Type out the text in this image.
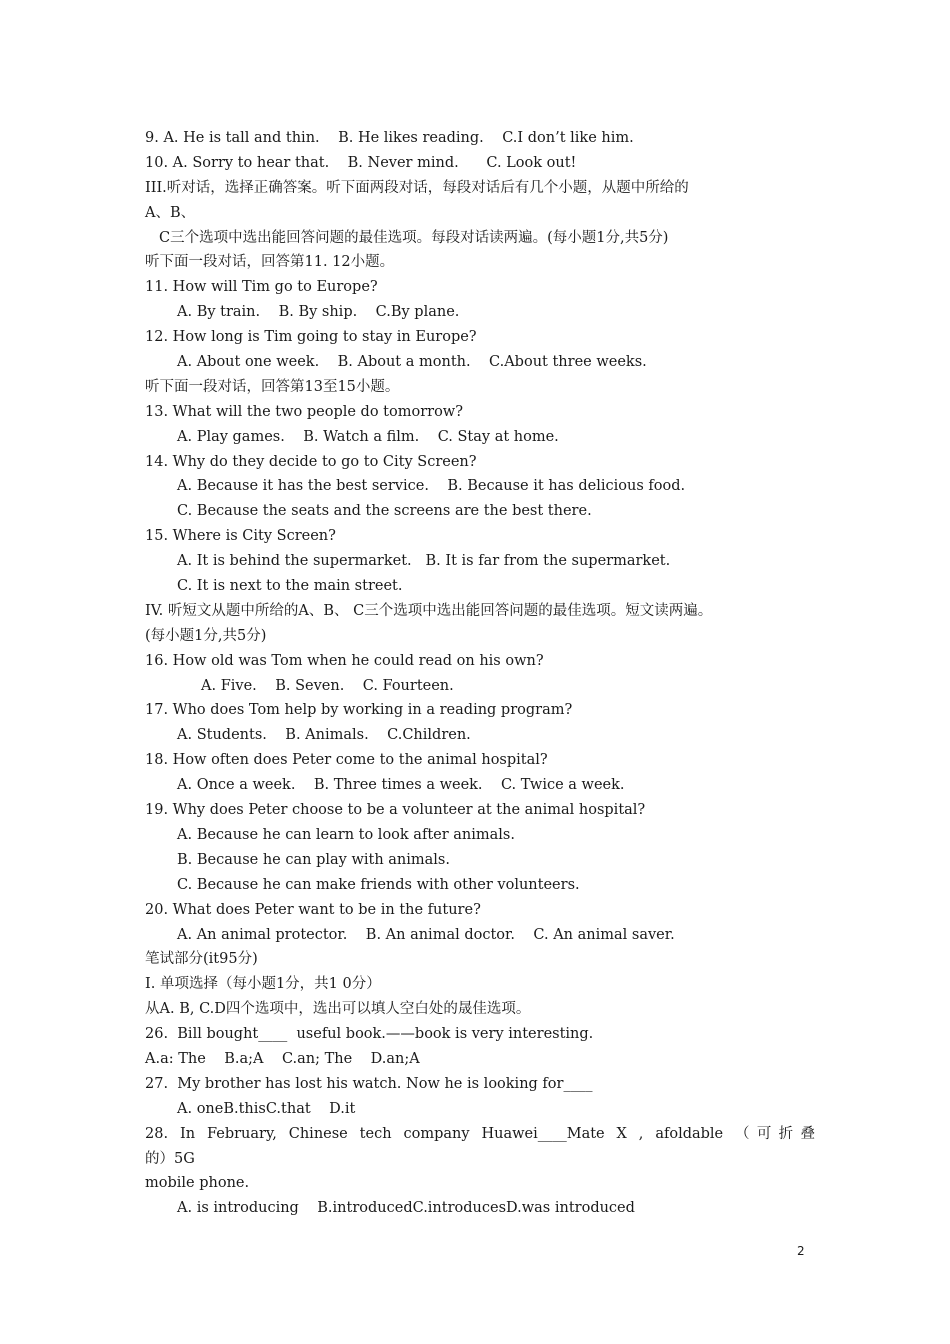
9. A. He is tall and thin.    B. He likes reading.    C.I don’t like him.
10. A. Sorry to hear that.    B. Never mind.      C. Look out!
III.听对话，选择正确答案。听下面两段对话，每段对话后有几个小题，从题中所给的
A、B、
C三个选项中选出能回答问题的最佳选项。每段对话读两遍。(每小题1分,共5分)
听下面一段对话，回答第11. 12小题。
11. How will Tim go to Europe?
A. By train.    B. By ship.    C.By plane.
12. How long is Tim going to stay in Europe?
A. About one week.    B. About a month.    C.About three weeks.
听下面一段对话，回答第13至15小题。
13. What will the two people do tomorrow?
A. Play games.    B. Watch a film.    C. Stay at home.
14. Why do they decide to go to City Screen?
A. Because it has the best service.    B. Because it has delicious food.
C. Because the seats and the screens are the best there.
15. Where is City Screen?
A. It is behind the supermarket.   B. It is far from the supermarket.
C. It is next to the main street.
IV. 听短文从题中所给的A、B、 C三个选项中选出能回答问题的最佳选项。短文读两遍。
(每小题1分,共5分)
16. How old was Tom when he could read on his own?
A. Five.    B. Seven.    C. Fourteen.
17. Who does Tom help by working in a reading program?
A. Students.    B. Animals.    C.Children.
18. How often does Peter come to the animal hospital?
A. Once a week.    B. Three times a week.    C. Twice a week.
19. Why does Peter choose to be a volunteer at the animal hospital?
A. Because he can learn to look after animals.
B. Because he can play with animals.
C. Because he can make friends with other volunteers.
20. What does Peter want to be in the future?
A. An animal protector.    B. An animal doctor.    C. An animal saver.
笔试部分(it95分)
I. 单项选择（每小题1分，共1 0分）
从A. B, C.D四个选项中，选出可以填人空白处的晟佳选项。
26.  Bill bought____  useful book.——book is very interesting.
A.a: The    B.a;A    C.an; The    D.an;A
27.  My brother has lost his watch. Now he is looking for____
A. oneB.thisC.that    D.it
28. In February, Chinese tech company Huawei____Mate X , afoldable （可折叠
的）5G
mobile phone.
A. is introducing    B.introducedC.introducesD.was introduced
2
